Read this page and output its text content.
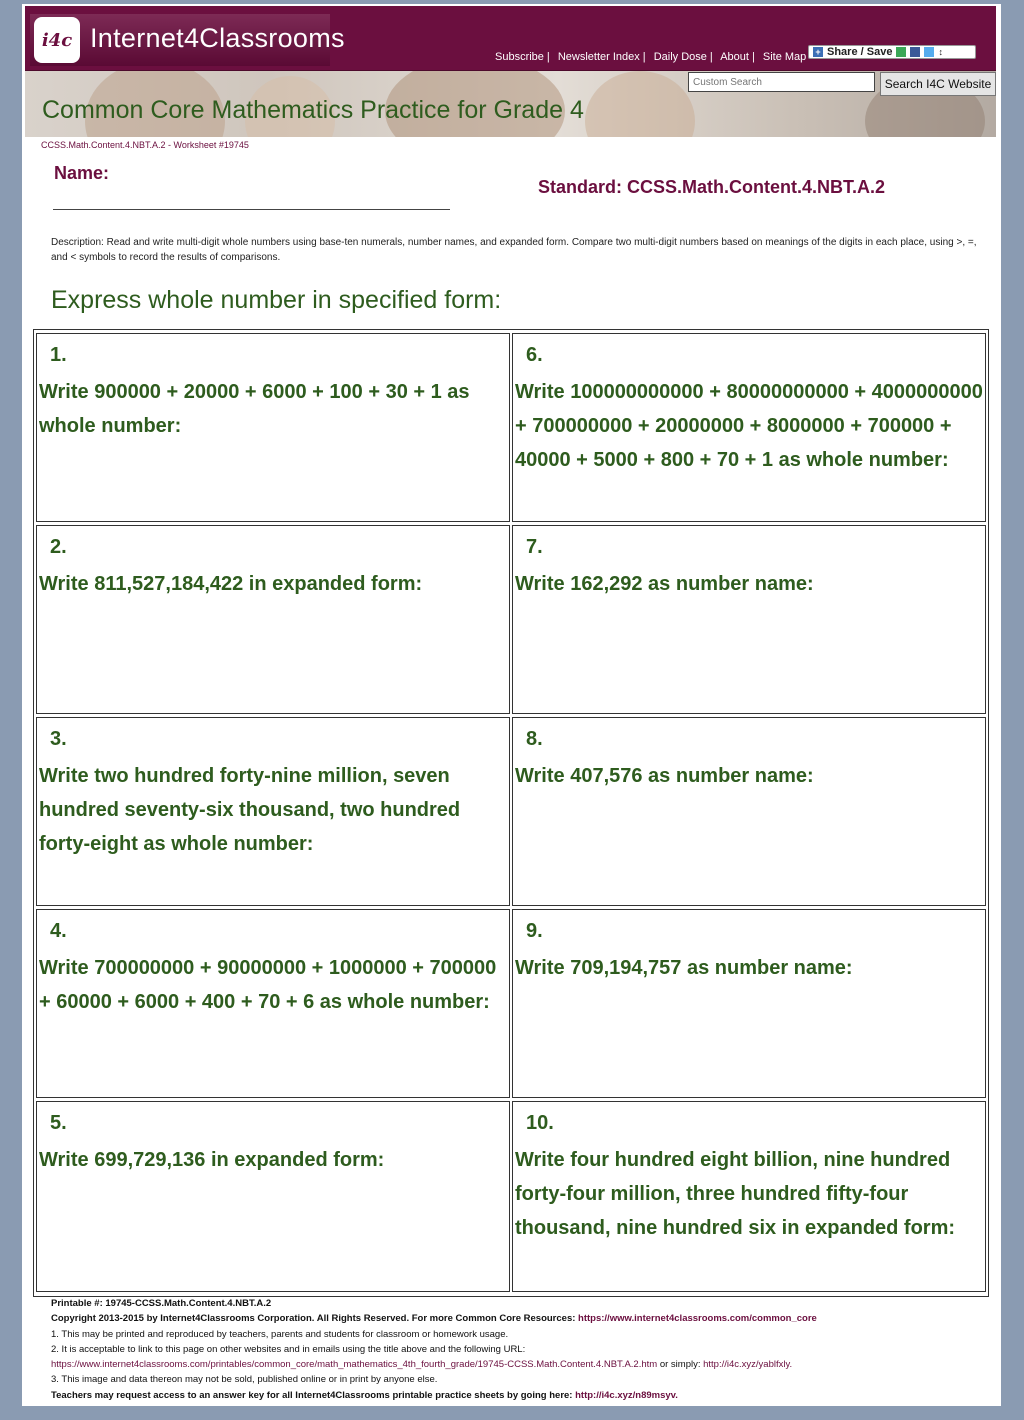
i4c Internet4Classrooms
Subscribe | Newsletter Index | Daily Dose | About | Site Map + Share / Save	↕
Custom Search
Search I4C Website
Common Core Mathematics Practice for Grade 4
CCSS.Math.Content.4.NBT.A.2 - Worksheet #19745
Name:
Standard: CCSS.Math.Content.4.NBT.A.2
Description: Read and write multi-digit whole numbers using base-ten numerals, number names, and expanded form. Compare two multi-digit numbers based on meanings of the digits in each place, using >, =, and < symbols to record the results of comparisons.
Express whole number in specified form:
1.
Write 900000 + 20000 + 6000 + 100 + 30 + 1 as whole number:
2.
Write 811,527,184,422 in expanded form:
3.
Write two hundred forty-nine million, seven hundred seventy-six thousand, two hundred forty-eight as whole number:
4.
Write 700000000 + 90000000 + 1000000 + 700000 + 60000 + 6000 + 400 + 70 + 6 as whole number:
5.
Write 699,729,136 in expanded form:
6.
Write 100000000000 + 80000000000 + 4000000000 + 700000000 + 20000000 + 8000000 + 700000 + 40000 + 5000 + 800 + 70 + 1 as whole number:
7.
Write 162,292 as number name:
8.
Write 407,576 as number name:
9.
Write 709,194,757 as number name:
10.
Write four hundred eight billion, nine hundred forty-four million, three hundred fifty-four thousand, nine hundred six in expanded form:
Printable #: 19745-CCSS.Math.Content.4.NBT.A.2
Copyright 2013-2015 by Internet4Classrooms Corporation. All Rights Reserved. For more Common Core Resources: https://www.internet4classrooms.com/common_core
1. This may be printed and reproduced by teachers, parents and students for classroom or homework usage.
2. It is acceptable to link to this page on other websites and in emails using the title above and the following URL:
https://www.internet4classrooms.com/printables/common_core/math_mathematics_4th_fourth_grade/19745-CCSS.Math.Content.4.NBT.A.2.htm or simply: http://i4c.xyz/yablfxly.
3. This image and data thereon may not be sold, published online or in print by anyone else.
Teachers may request access to an answer key for all Internet4Classrooms printable practice sheets by going here: http://i4c.xyz/n89msyv.
